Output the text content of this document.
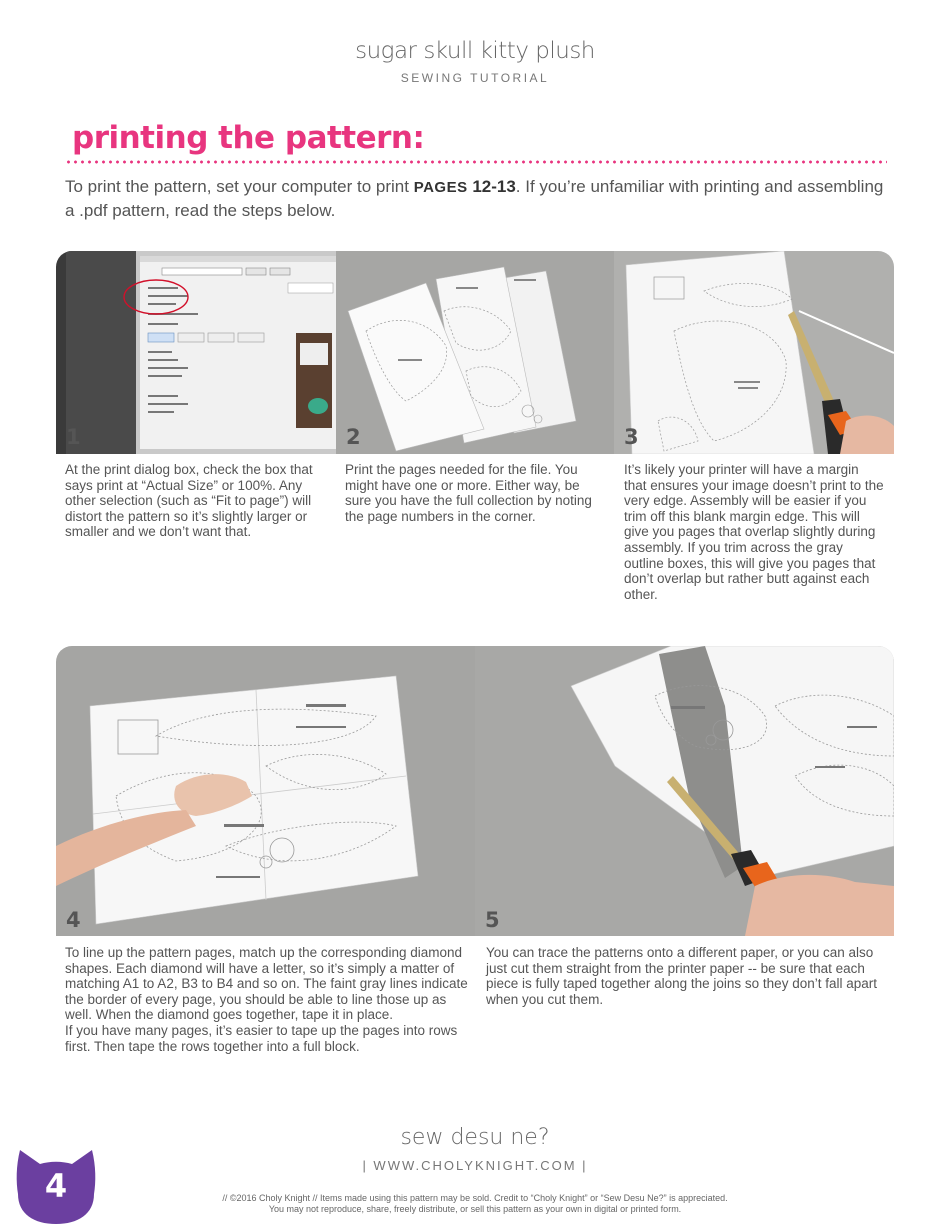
sugar skull kitty plush
SEWING TUTORIAL
printing the pattern:
To print the pattern, set your computer to print PAGES 12-13. If you’re unfamiliar with printing and assembling a .pdf pattern, read the steps below.
1	2	3
At the print dialog box, check the box that says print at “Actual Size” or 100%. Any other selection (such as “Fit to page”) will distort the pattern so it’s slightly larger or smaller and we don’t want that.
Print the pages needed for the file. You might have one or more. Either way, be sure you have the full collection by noting the page numbers in the corner.
It’s likely your printer will have a margin that ensures your image doesn’t print to the very edge. Assembly will be easier if you trim off this blank margin edge. This will give you pages that overlap slightly during assembly. If you trim across the gray outline boxes, this will give you pages that don’t overlap but rather butt against each other.
4	5
To line up the pattern pages, match up the corresponding diamond shapes. Each diamond will have a letter, so it’s simply a matter of matching A1 to A2, B3 to B4 and so on. The faint gray lines indicate the border of every page, you should be able to line those up as well. When the diamond goes together, tape it in place.
If you have many pages, it’s easier to tape up the pages into rows first. Then tape the rows together into a full block.
You can trace the patterns onto a different paper, or you can also just cut them straight from the printer paper -- be sure that each piece is fully taped together along the joins so they don’t fall apart when you cut them.
sew desu ne?
| WWW.CHOLYKNIGHT.COM |
// ©2016 Choly Knight // Items made using this pattern may be sold. Credit to “Choly Knight” or “Sew Desu Ne?” is appreciated.
You may not reproduce, share, freely distribute, or sell this pattern as your own in digital or printed form.
4
